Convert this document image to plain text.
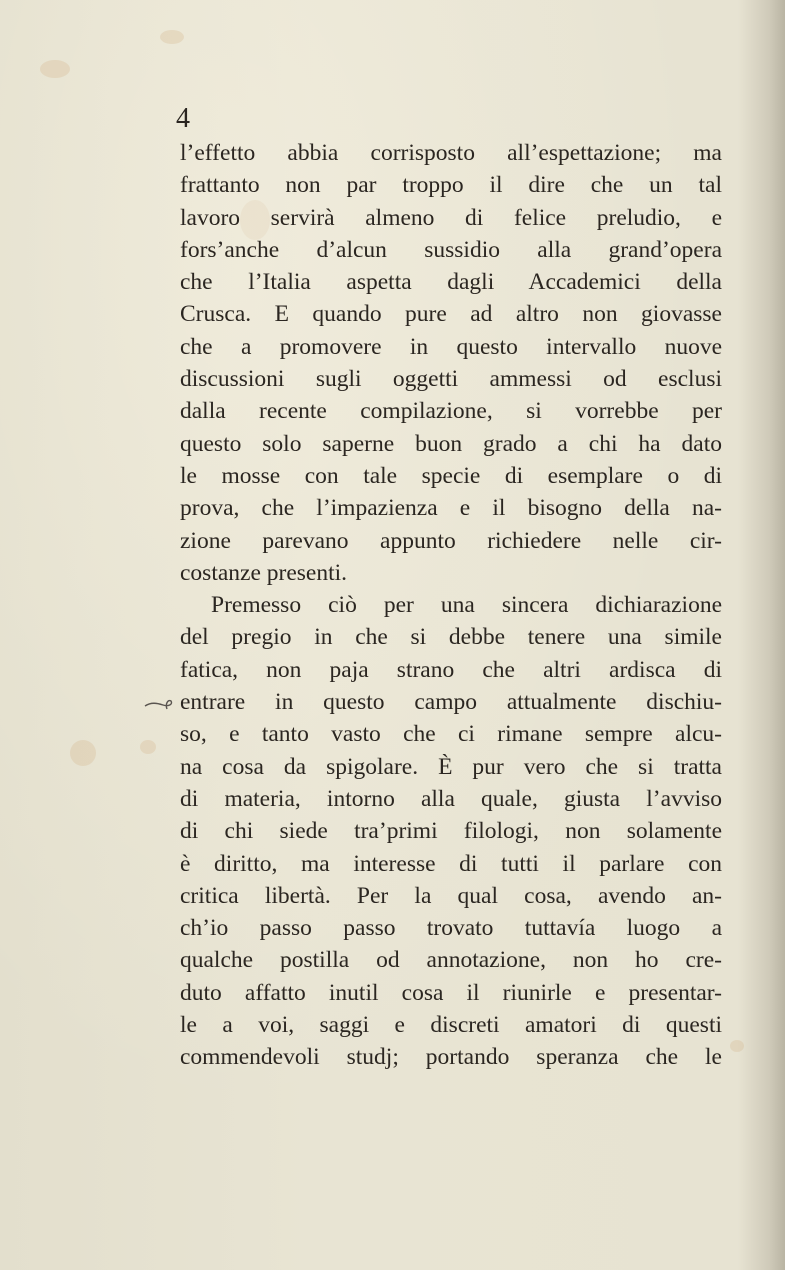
4
l’effetto abbia corrisposto all’espettazione; ma
frattanto non par troppo il dire che un tal
lavoro servirà almeno di felice preludio, e
fors’anche d’alcun sussidio alla grand’opera
che l’Italia aspetta dagli Accademici della
Crusca. E quando pure ad altro non giovasse
che a promovere in questo intervallo nuove
discussioni sugli oggetti ammessi od esclusi
dalla recente compilazione, si vorrebbe per
questo solo saperne buon grado a chi ha dato
le mosse con tale specie di esemplare o di
prova, che l’impazienza e il bisogno della na-
zione parevano appunto richiedere nelle cir-
costanze presenti.
Premesso ciò per una sincera dichiarazione
del pregio in che si debbe tenere una simile
fatica, non paja strano che altri ardisca di
entrare in questo campo attualmente dischiu-
so, e tanto vasto che ci rimane sempre alcu-
na cosa da spigolare. È pur vero che si tratta
di materia, intorno alla quale, giusta l’avviso
di chi siede tra’primi filologi, non solamente
è diritto, ma interesse di tutti il parlare con
critica libertà. Per la qual cosa, avendo an-
ch’io passo passo trovato tuttavía luogo a
qualche postilla od annotazione, non ho cre-
duto affatto inutil cosa il riunirle e presentar-
le a voi, saggi e discreti amatori di questi
commendevoli studj; portando speranza che le
